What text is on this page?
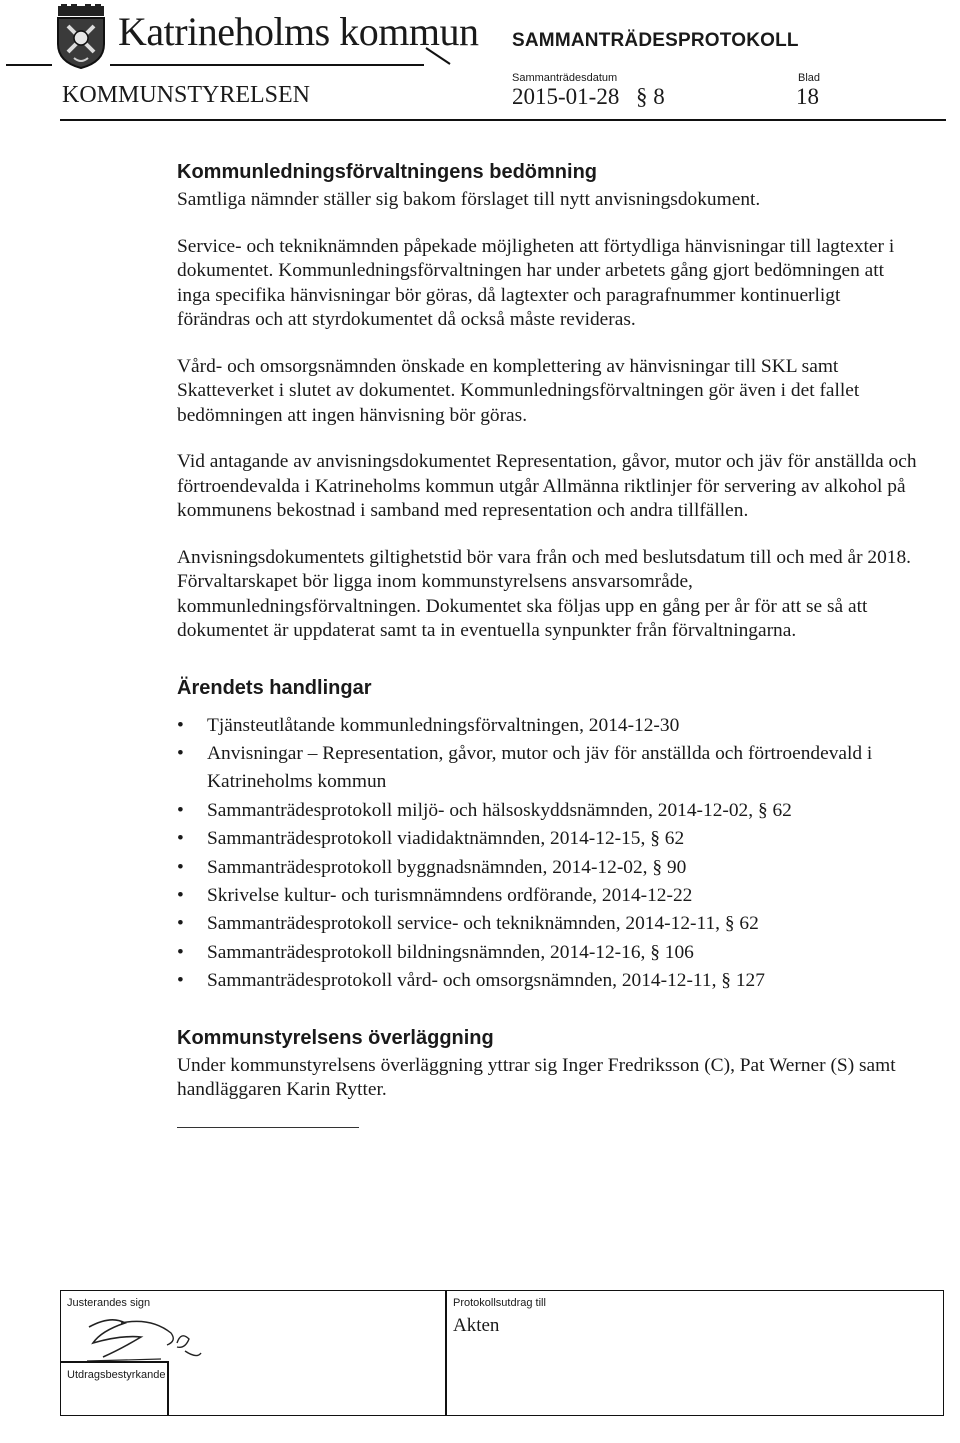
Katrineholms kommun SAMMANTRÄDESPROTOKOLL
KOMMUNSTYRELSEN
Sammanträdesdatum
2015-01-28 § 8
Blad
18
Kommunledningsförvaltningens bedömning

Samtliga nämnder ställer sig bakom förslaget till nytt anvisningsdokument.

Service- och tekniknämnden påpekade möjligheten att förtydliga hänvisningar till lagtexter i dokumentet. Kommunledningsförvaltningen har under arbetets gång gjort bedömningen att inga specifika hänvisningar bör göras, då lagtexter och paragrafnummer kontinuerligt förändras och att styrdokumentet då också måste revideras.

Vård- och omsorgsnämnden önskade en komplettering av hänvisningar till SKL samt Skatteverket i slutet av dokumentet. Kommunledningsförvaltningen gör även i det fallet bedömningen att ingen hänvisning bör göras.

Vid antagande av anvisningsdokumentet Representation, gåvor, mutor och jäv för anställda och förtroendevalda i Katrineholms kommun utgår Allmänna riktlinjer för servering av alkohol på kommunens bekostnad i samband med representation och andra tillfällen.

Anvisningsdokumentets giltighetstid bör vara från och med beslutsdatum till och med år 2018. Förvaltarskapet bör ligga inom kommunstyrelsens ansvarsområde, kommunledningsförvaltningen. Dokumentet ska följas upp en gång per år för att se så att dokumentet är uppdaterat samt ta in eventuella synpunkter från förvaltningarna.

Ärendets handlingar
• Tjänsteutlåtande kommunledningsförvaltningen, 2014-12-30
• Anvisningar – Representation, gåvor, mutor och jäv för anställda och förtroendevald i Katrineholms kommun
• Sammanträdesprotokoll miljö- och hälsoskyddsnämnden, 2014-12-02, § 62
• Sammanträdesprotokoll viadidaktnämnden, 2014-12-15, § 62
• Sammanträdesprotokoll byggnadsnämnden, 2014-12-02, § 90
• Skrivelse kultur- och turismnämndens ordförande, 2014-12-22
• Sammanträdesprotokoll service- och tekniknämnden, 2014-12-11, § 62
• Sammanträdesprotokoll bildningsnämnden, 2014-12-16, § 106
• Sammanträdesprotokoll vård- och omsorgsnämnden, 2014-12-11, § 127
Kommunstyrelsens överläggning

Under kommunstyrelsens överläggning yttrar sig Inger Fredriksson (C), Pat Werner (S) samt handläggaren Karin Rytter.

Justerandes sign
Utdragsbestyrkande
Protokollsutdrag till
Akten
